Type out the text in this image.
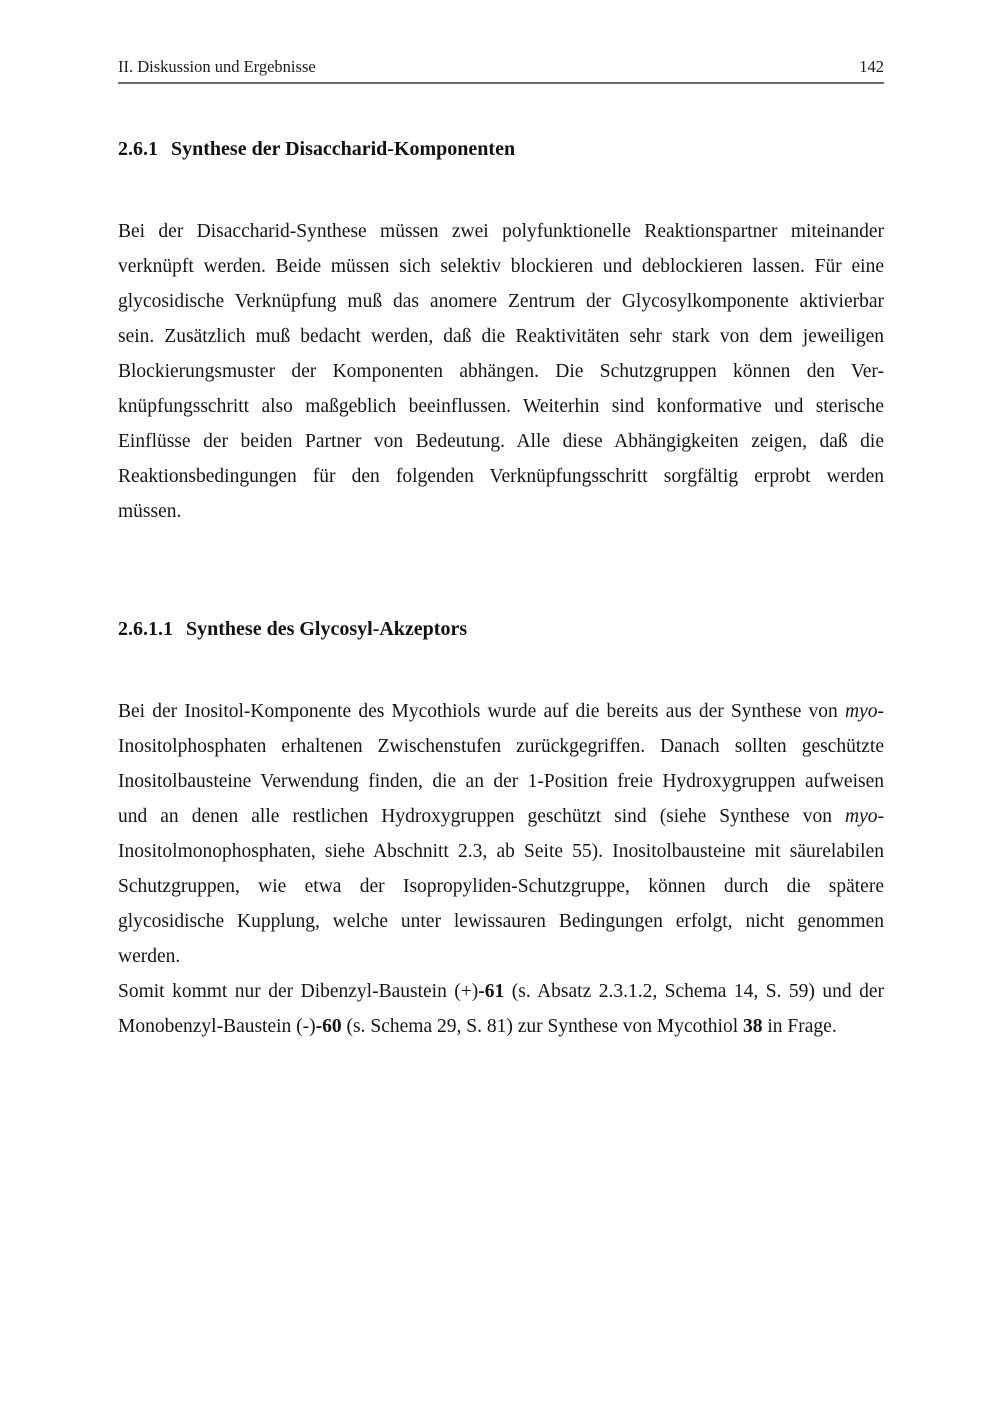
II. Diskussion und Ergebnisse	142
2.6.1 Synthese der Disaccharid-Komponenten
Bei der Disaccharid-Synthese müssen zwei polyfunktionelle Reaktionspartner miteinander
verknüpft werden. Beide müssen sich selektiv blockieren und deblockieren lassen. Für eine
glycosidische Verknüpfung muß das anomere Zentrum der Glycosylkomponente aktivierbar
sein. Zusätzlich muß bedacht werden, daß die Reaktivitäten sehr stark von dem jeweiligen
Blockierungsmuster der Komponenten abhängen. Die Schutzgruppen können den Ver-
knüpfungsschritt also maßgeblich beeinflussen. Weiterhin sind konformative und sterische
Einflüsse der beiden Partner von Bedeutung. Alle diese Abhängigkeiten zeigen, daß die
Reaktionsbedingungen für den folgenden Verknüpfungsschritt sorgfältig erprobt werden
müssen.
2.6.1.1 Synthese des Glycosyl-Akzeptors
Bei der Inositol-Komponente des Mycothiols wurde auf die bereits aus der Synthese von myo-
Inositolphosphaten erhaltenen Zwischenstufen zurückgegriffen. Danach sollten geschützte
Inositolbausteine Verwendung finden, die an der 1-Position freie Hydroxygruppen aufweisen
und an denen alle restlichen Hydroxygruppen geschützt sind (siehe Synthese von myo-
Inositolmonophosphaten, siehe Abschnitt 2.3, ab Seite 55). Inositolbausteine mit säurelabilen
Schutzgruppen, wie etwa der Isopropyliden-Schutzgruppe, können durch die spätere
glycosidische Kupplung, welche unter lewissauren Bedingungen erfolgt, nicht genommen
werden.
Somit kommt nur der Dibenzyl-Baustein (+)-61 (s. Absatz 2.3.1.2, Schema 14, S. 59) und der
Monobenzyl-Baustein (-)-60 (s. Schema 29, S. 81) zur Synthese von Mycothiol 38 in Frage.
